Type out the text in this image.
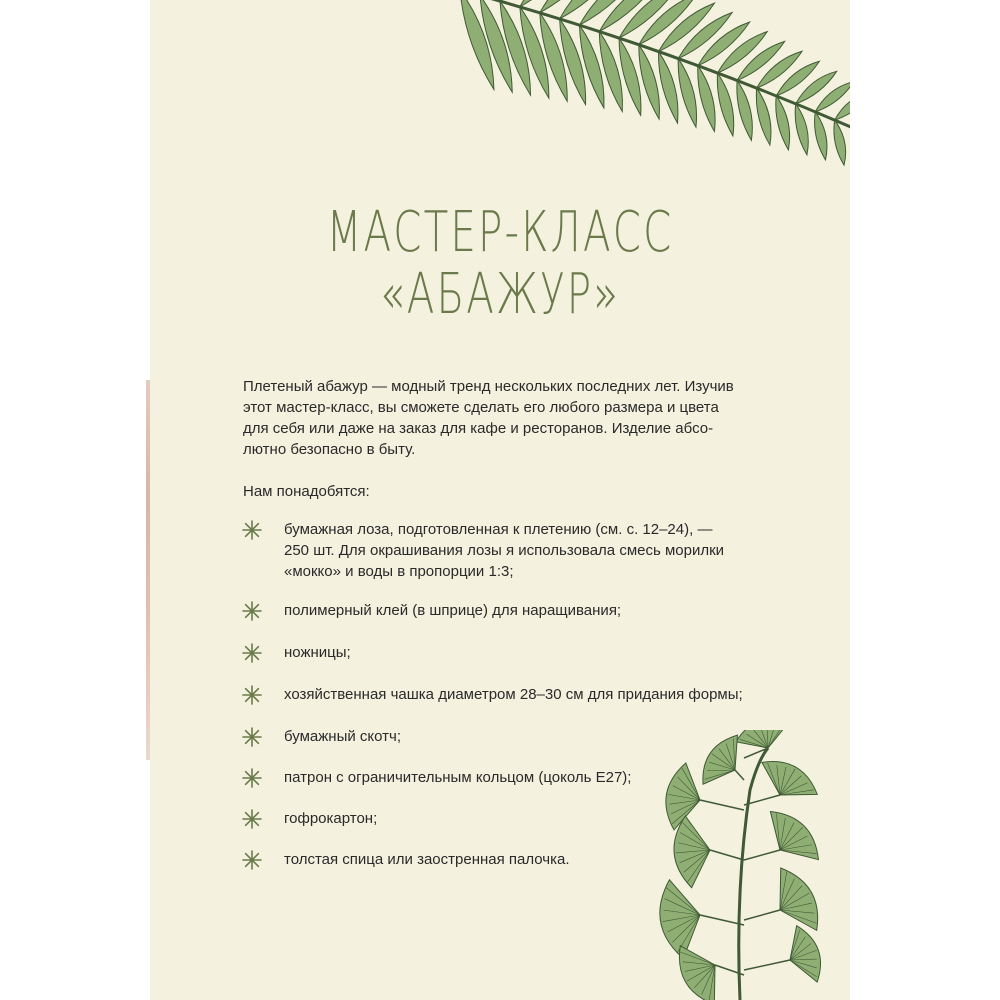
МАСТЕР-КЛАСС
«АБАЖУР»
Плетеный абажур — модный тренд нескольких последних лет. Изучив
этот мастер-класс, вы сможете сделать его любого размера и цвета
для себя или даже на заказ для кафе и ресторанов. Изделие абсо-
лютно безопасно в быту.
Нам понадобятся:
бумажная лоза, подготовленная к плетению (см. с. 12–24), —
250 шт. Для окрашивания лозы я использовала смесь морилки
«мокко» и воды в пропорции 1:3;
полимерный клей (в шприце) для наращивания;
ножницы;
хозяйственная чашка диаметром 28–30 см для придания формы;
бумажный скотч;
патрон с ограничительным кольцом (цоколь Е27);
гофрокартон;
толстая спица или заостренная палочка.
